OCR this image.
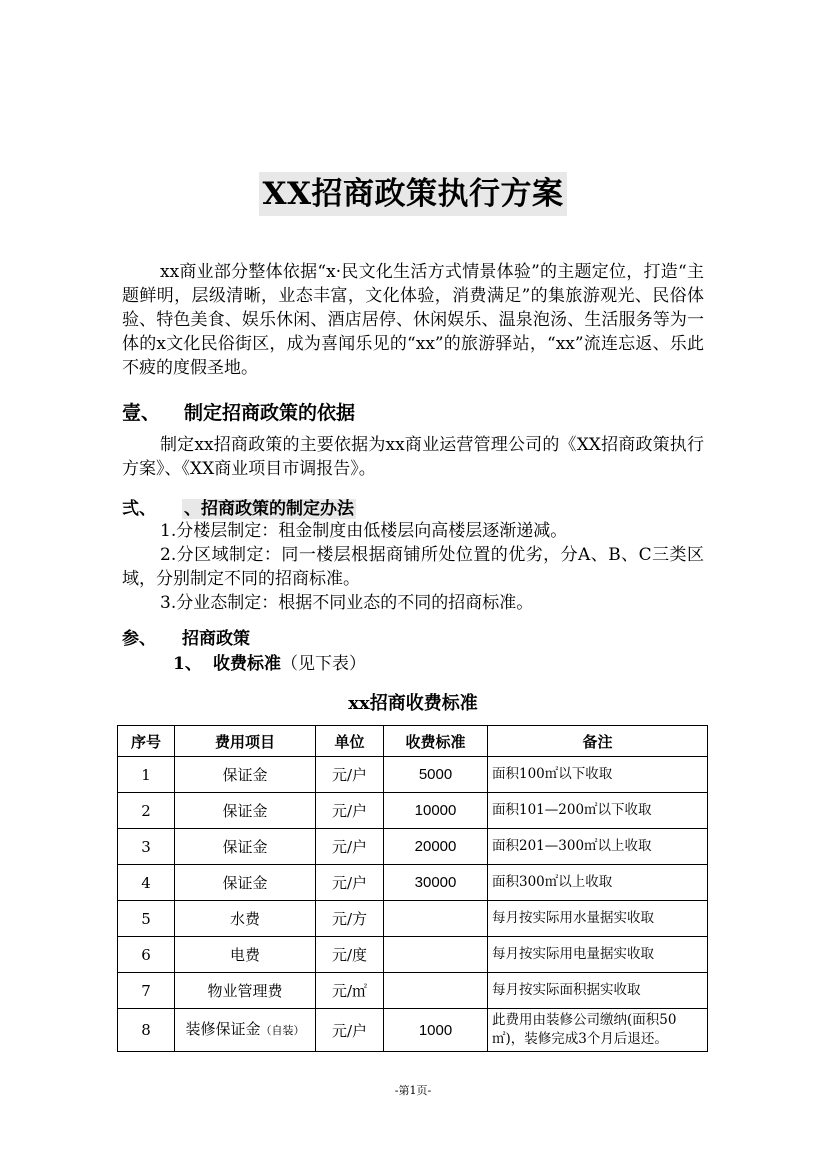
XX招商政策执行方案

xx商业部分整体依据“x·民文化生活方式情景体验”的主题定位，打造“主题鲜明，层级清晰，业态丰富，文化体验，消费满足”的集旅游观光、民俗体验、特色美食、娱乐休闲、酒店居停、休闲娱乐、温泉泡汤、生活服务等为一体的x文化民俗街区，成为喜闻乐见的“xx”的旅游驿站，“xx”流连忘返、乐此不疲的度假圣地。

壹、 制定招商政策的依据

制定xx招商政策的主要依据为xx商业运营管理公司的《XX招商政策执行方案》、《XX商业项目市调报告》。

弍、 、招商政策的制定办法

1.分楼层制定：租金制度由低楼层向高楼层逐渐递减。

2.分区域制定：同一楼层根据商铺所处位置的优劣，分A、B、C三类区域，分别制定不同的招商标准。

3.分业态制定：根据不同业态的不同的招商标准。

参、 招商政策
1、 收费标准（见下表）
xx招商收费标准
序号	费用项目	单位	收费标准	备注
1	保证金	元/户	5000	面积100㎡以下收取
2	保证金	元/户	10000	面积101—200㎡以下收取
3	保证金	元/户	20000	面积201—300㎡以上收取
4	保证金	元/户	30000	面积300㎡以上收取
5	水费	元/方		每月按实际用水量据实收取
6	电费	元/度		每月按实际用电量据实收取
7	物业管理费	元/㎡		每月按实际面积据实收取
8	装修保证金（自装）	元/户	1000	此费用由装修公司缴纳(面积50㎡)，装修完成3个月后退还。
-第1页-
